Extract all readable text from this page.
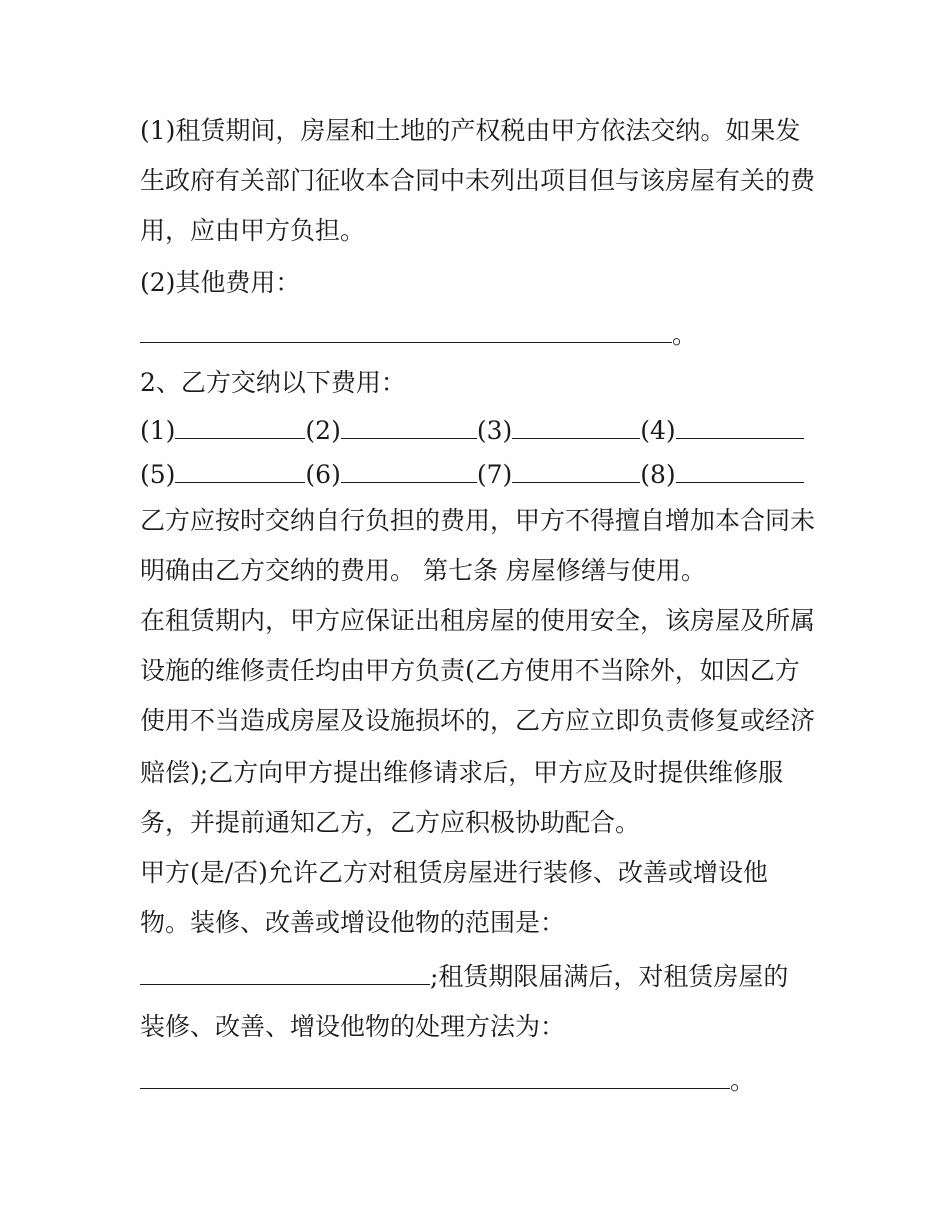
(1)租赁期间，房屋和土地的产权税由甲方依法交纳。如果发
生政府有关部门征收本合同中未列出项目但与该房屋有关的费
用，应由甲方负担。
(2)其他费用：
。
2、乙方交纳以下费用：
(1)	(2)	(3)	(4)
(5)	(6)	(7)	(8)
乙方应按时交纳自行负担的费用，甲方不得擅自增加本合同未
明确由乙方交纳的费用。 第七条 房屋修缮与使用。
在租赁期内，甲方应保证出租房屋的使用安全，该房屋及所属
设施的维修责任均由甲方负责(乙方使用不当除外，如因乙方
使用不当造成房屋及设施损坏的，乙方应立即负责修复或经济
赔偿);乙方向甲方提出维修请求后，甲方应及时提供维修服
务，并提前通知乙方，乙方应积极协助配合。
甲方(是/否)允许乙方对租赁房屋进行装修、改善或增设他
物。装修、改善或增设他物的范围是：
;租赁期限届满后，对租赁房屋的
装修、改善、增设他物的处理方法为：
。
